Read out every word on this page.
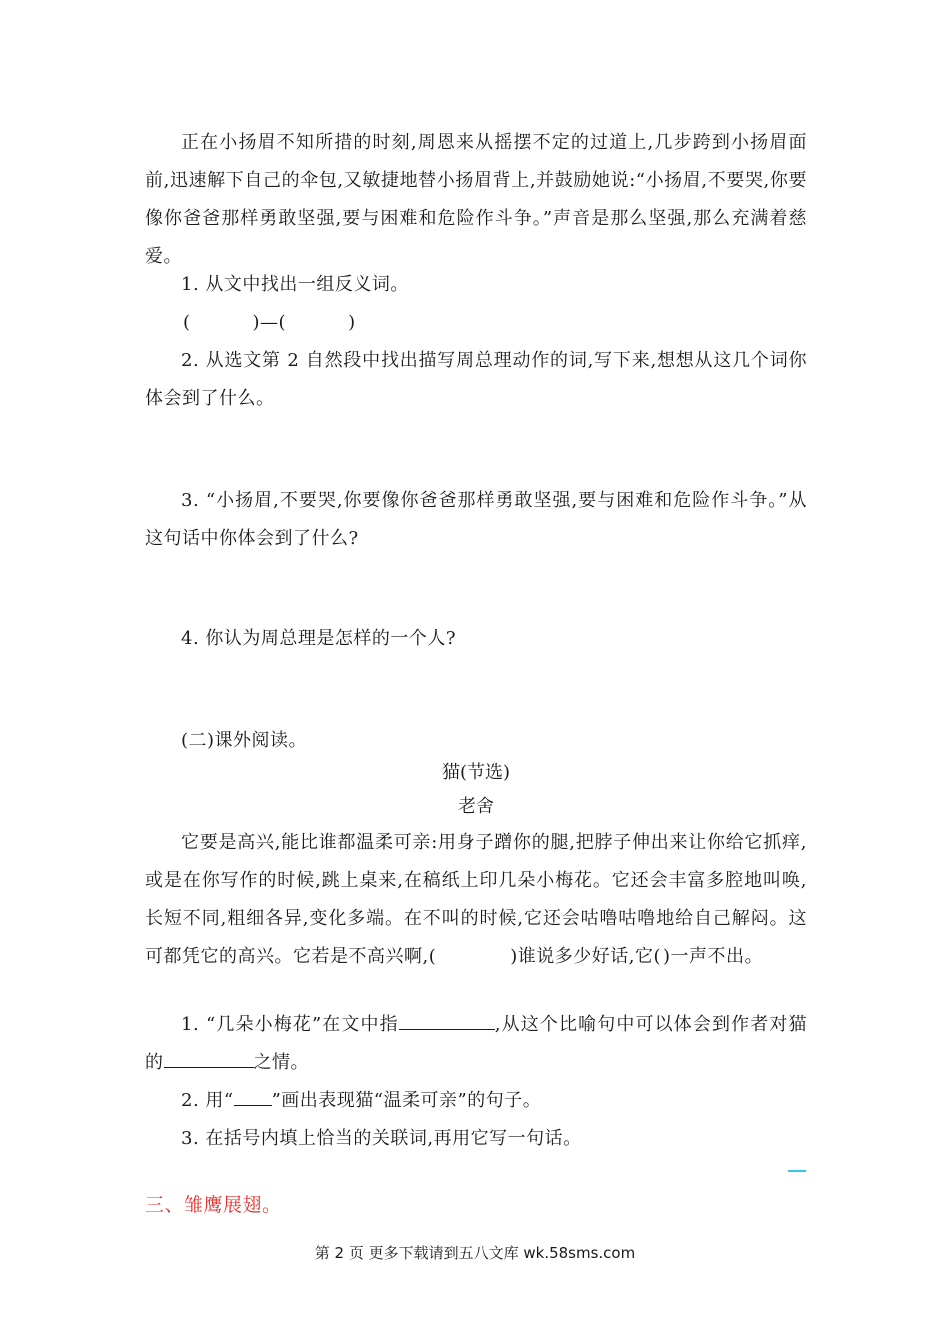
正在小扬眉不知所措的时刻,周恩来从摇摆不定的过道上,几步跨到小扬眉面前,迅速解下自己的伞包,又敏捷地替小扬眉背上,并鼓励她说:“小扬眉,不要哭,你要像你爸爸那样勇敢坚强,要与困难和危险作斗争。”声音是那么坚强,那么充满着慈爱。
1. 从文中找出一组反义词。
(	)—(	)
2. 从选文第 2 自然段中找出描写周总理动作的词,写下来,想想从这几个词你体会到了什么。
3. “小扬眉,不要哭,你要像你爸爸那样勇敢坚强,要与困难和危险作斗争。”从这句话中你体会到了什么?
4. 你认为周总理是怎样的一个人?
(二)课外阅读。
猫(节选)
老舍
它要是高兴,能比谁都温柔可亲:用身子蹭你的腿,把脖子伸出来让你给它抓痒,或是在你写作的时候,跳上桌来,在稿纸上印几朵小梅花。它还会丰富多腔地叫唤,长短不同,粗细各异,变化多端。在不叫的时候,它还会咕噜咕噜地给自己解闷。这可都凭它的高兴。它若是不高兴啊,(	)谁说多少好话,它( )一声不出。
1. “几朵小梅花”在文中指	,从这个比喻句中可以体会到作者对猫的	之情。
2. 用“ ”画出表现猫“温柔可亲”的句子。
3. 在括号内填上恰当的关联词,再用它写一句话。
三、雏鹰展翅。
第 2 页 更多下载请到五八文库 wk.58sms.com
